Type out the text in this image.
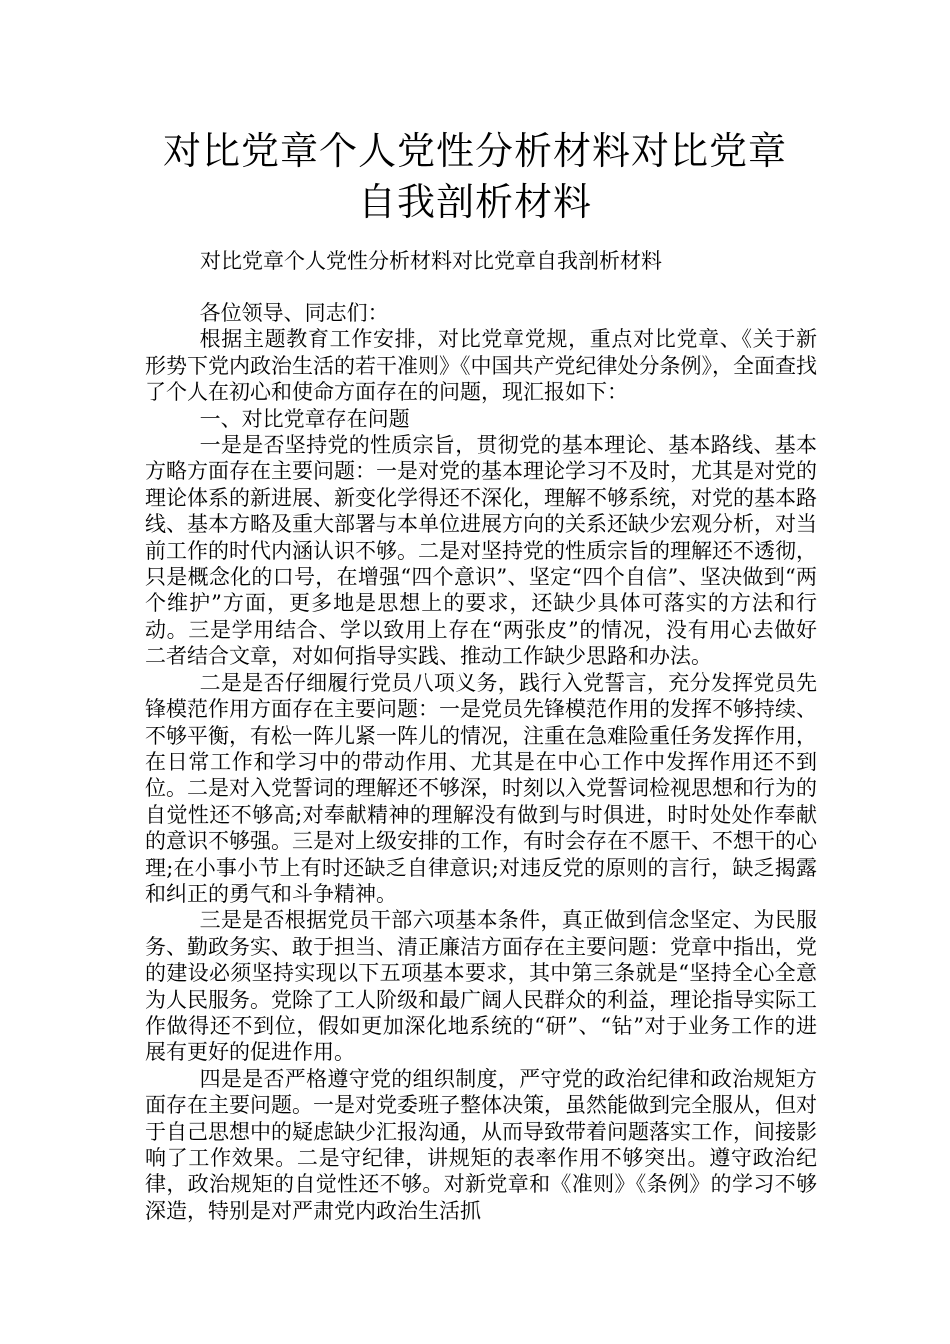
对比党章个人党性分析材料对比党章自我剖析材料

对比党章个人党性分析材料对比党章自我剖析材料

各位领导、同志们：

根据主题教育工作安排，对比党章党规，重点对比党章、《关于新形势下党内政治生活的若干准则》《中国共产党纪律处分条例》，全面查找了个人在初心和使命方面存在的问题，现汇报如下：

一、对比党章存在问题

一是是否坚持党的性质宗旨，贯彻党的基本理论、基本路线、基本方略方面存在主要问题：一是对党的基本理论学习不及时，尤其是对党的理论体系的新进展、新变化学得还不深化，理解不够系统，对党的基本路线、基本方略及重大部署与本单位进展方向的关系还缺少宏观分析，对当前工作的时代内涵认识不够。二是对坚持党的性质宗旨的理解还不透彻，只是概念化的口号，在增强“四个意识”、坚定“四个自信”、坚决做到“两个维护”方面，更多地是思想上的要求，还缺少具体可落实的方法和行动。三是学用结合、学以致用上存在“两张皮”的情况，没有用心去做好二者结合文章，对如何指导实践、推动工作缺少思路和办法。

二是是否仔细履行党员八项义务，践行入党誓言，充分发挥党员先锋模范作用方面存在主要问题：一是党员先锋模范作用的发挥不够持续、不够平衡，有松一阵儿紧一阵儿的情况，注重在急难险重任务发挥作用，在日常工作和学习中的带动作用、尤其是在中心工作中发挥作用还不到位。二是对入党誓词的理解还不够深，时刻以入党誓词检视思想和行为的自觉性还不够高;对奉献精神的理解没有做到与时俱进，时时处处作奉献的意识不够强。三是对上级安排的工作，有时会存在不愿干、不想干的心理;在小事小节上有时还缺乏自律意识;对违反党的原则的言行，缺乏揭露和纠正的勇气和斗争精神。

三是是否根据党员干部六项基本条件，真正做到信念坚定、为民服务、勤政务实、敢于担当、清正廉洁方面存在主要问题：党章中指出，党的建设必须坚持实现以下五项基本要求，其中第三条就是“坚持全心全意为人民服务。党除了工人阶级和最广阔人民群众的利益，理论指导实际工作做得还不到位，假如更加深化地系统的“研”、“钻”对于业务工作的进展有更好的促进作用。

四是是否严格遵守党的组织制度，严守党的政治纪律和政治规矩方面存在主要问题。一是对党委班子整体决策，虽然能做到完全服从，但对于自己思想中的疑虑缺少汇报沟通，从而导致带着问题落实工作，间接影响了工作效果。二是守纪律，讲规矩的表率作用不够突出。遵守政治纪律，政治规矩的自觉性还不够。对新党章和《准则》《条例》的学习不够深造，特别是对严肃党内政治生活抓
